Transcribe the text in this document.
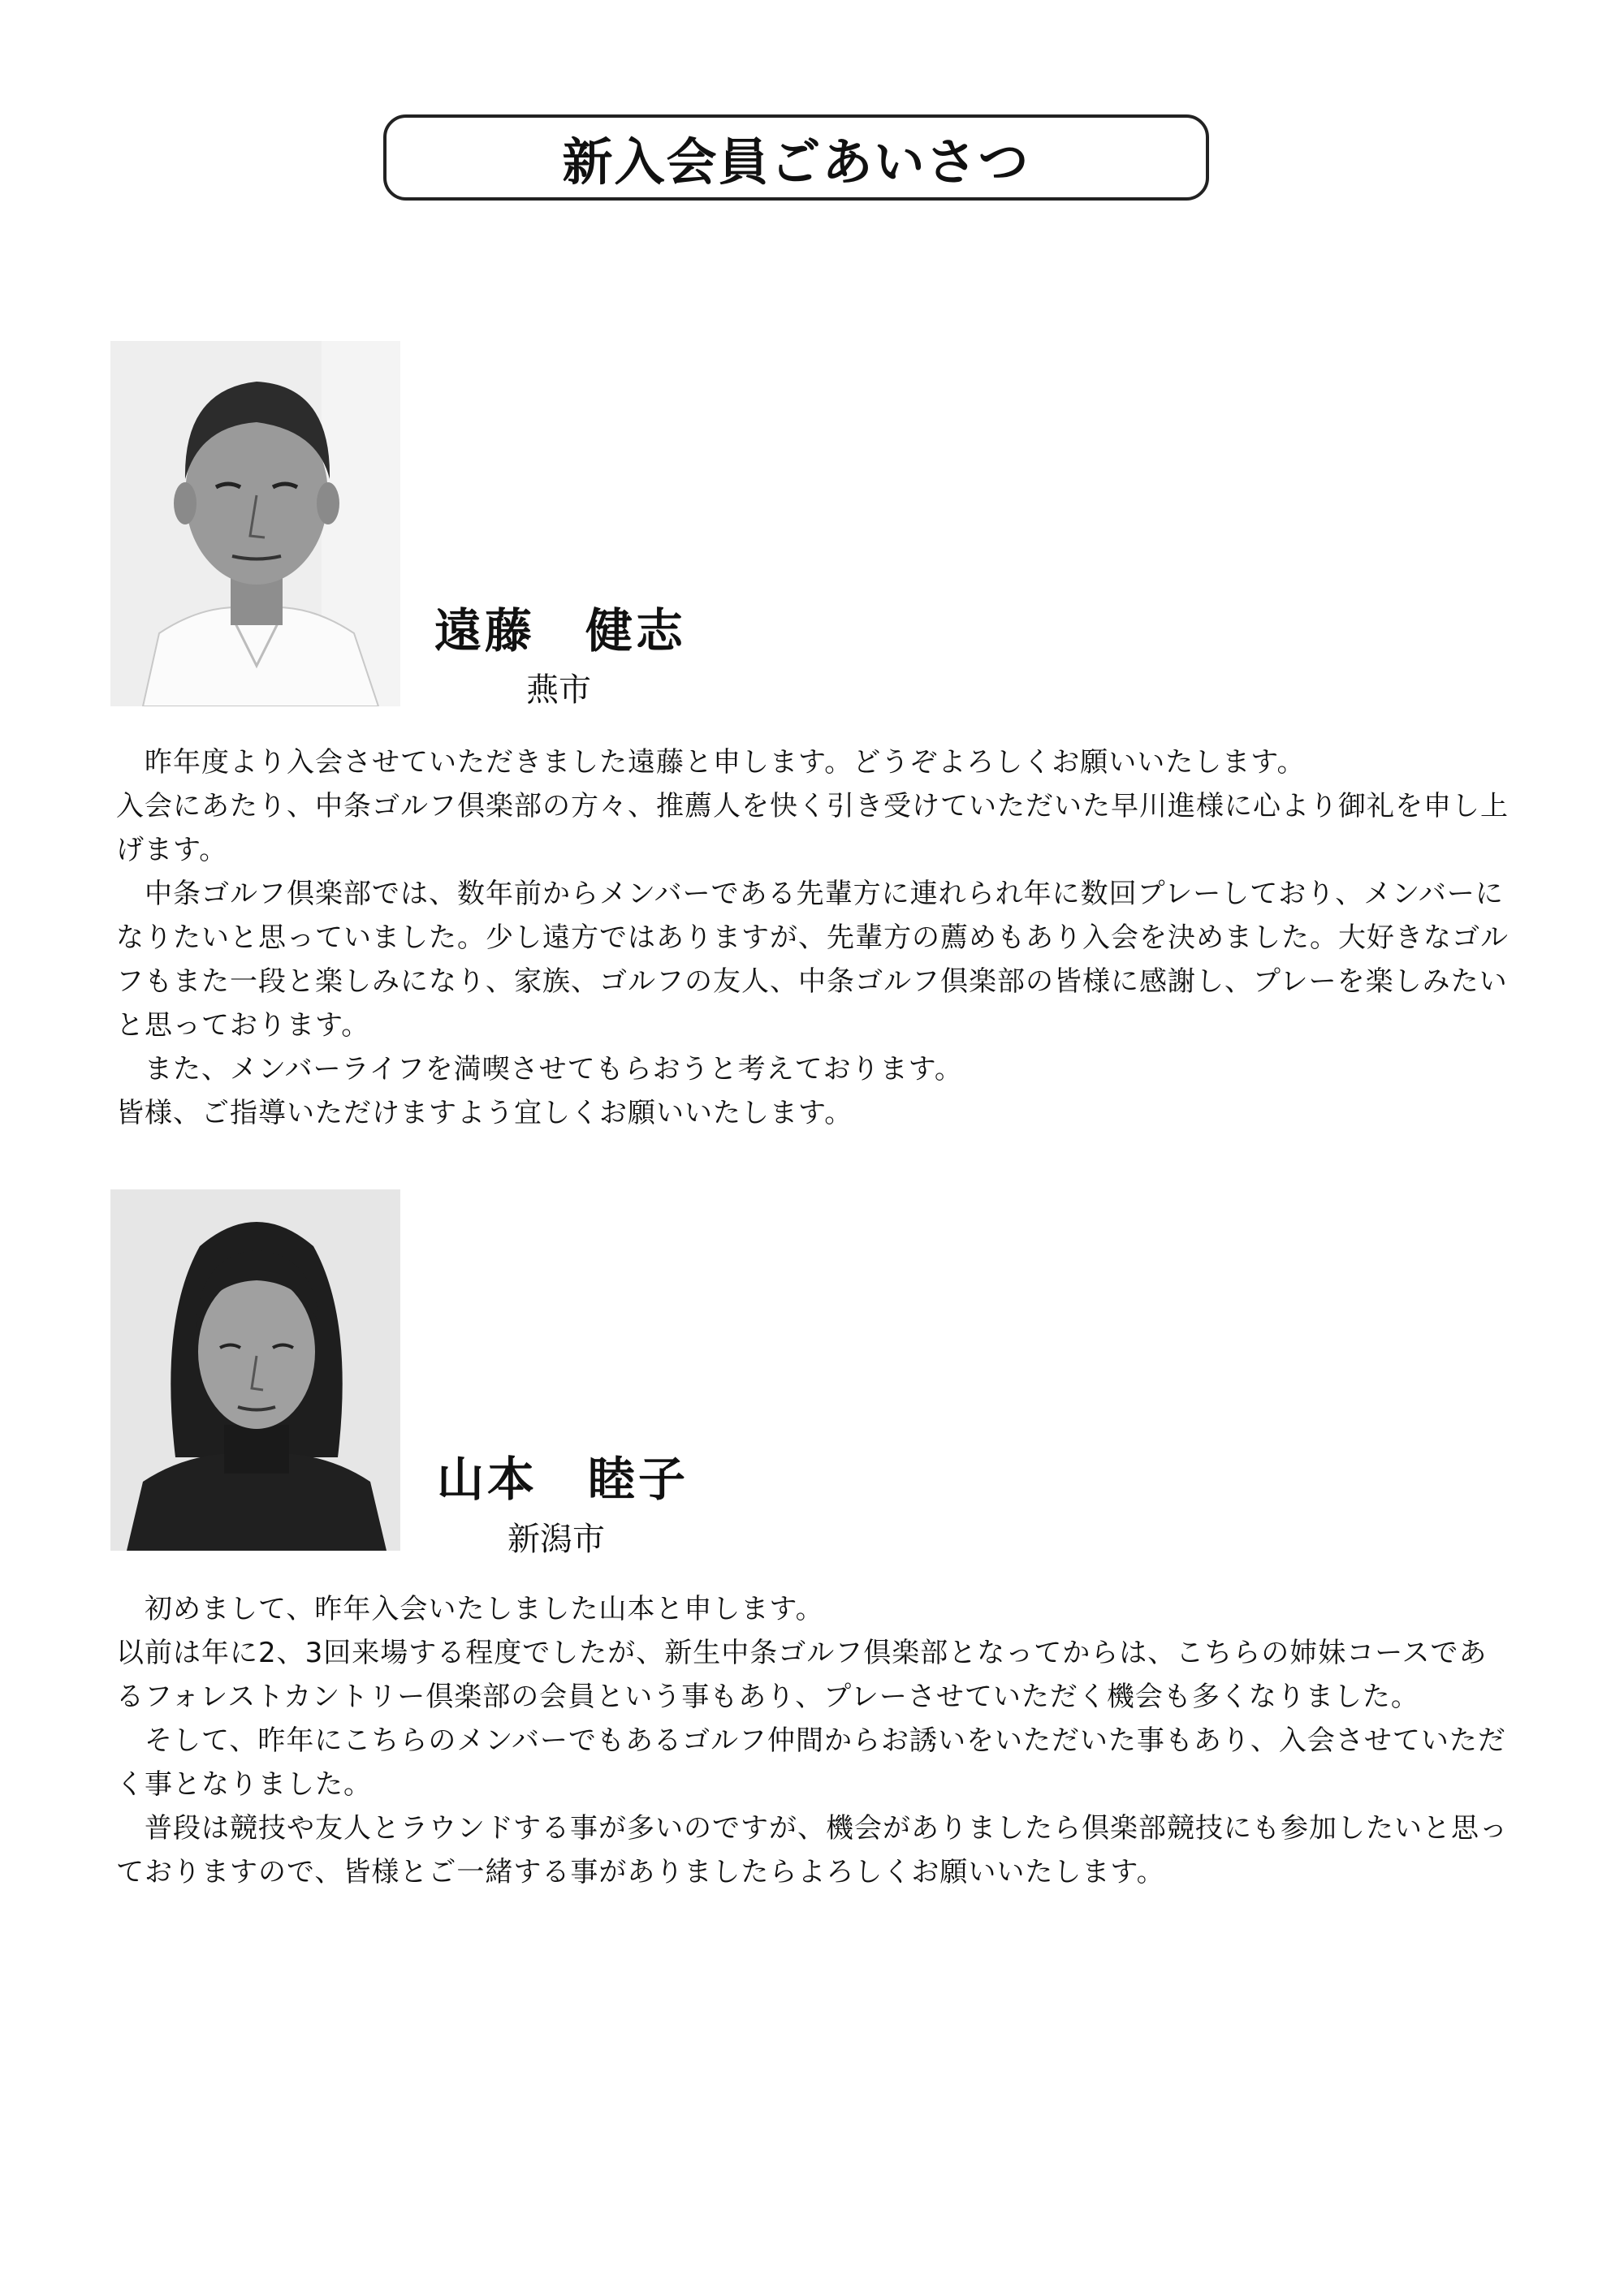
新入会員ごあいさつ
遠藤　健志
燕市

　昨年度より入会させていただきました遠藤と申します。どうぞよろしくお願いいたします。

入会にあたり、中条ゴルフ倶楽部の方々、推薦人を快く引き受けていただいた早川進様に心より御礼を申し上げます。

　中条ゴルフ倶楽部では、数年前からメンバーである先輩方に連れられ年に数回プレーしており、メンバーになりたいと思っていました。少し遠方ではありますが、先輩方の薦めもあり入会を決めました。大好きなゴルフもまた一段と楽しみになり、家族、ゴルフの友人、中条ゴルフ倶楽部の皆様に感謝し、プレーを楽しみたいと思っております。

　また、メンバーライフを満喫させてもらおうと考えております。

皆様、ご指導いただけますよう宜しくお願いいたします。

山本　睦子
新潟市

　初めまして、昨年入会いたしました山本と申します。

以前は年に2、3回来場する程度でしたが、新生中条ゴルフ倶楽部となってからは、こちらの姉妹コースであるフォレストカントリー倶楽部の会員という事もあり、プレーさせていただく機会も多くなりました。

　そして、昨年にこちらのメンバーでもあるゴルフ仲間からお誘いをいただいた事もあり、入会させていただく事となりました。

　普段は競技や友人とラウンドする事が多いのですが、機会がありましたら倶楽部競技にも参加したいと思っておりますので、皆様とご一緒する事がありましたらよろしくお願いいたします。
